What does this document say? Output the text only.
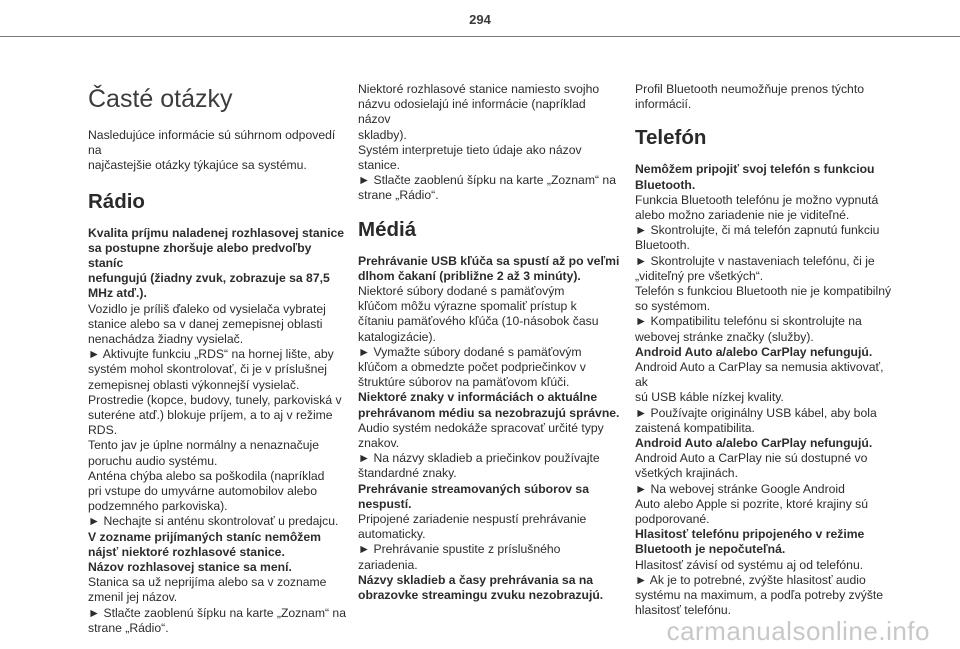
294
Časté otázky

Nasledujúce informácie sú súhrnom odpovedí na
najčastejšie otázky týkajúce sa systému.

Rádio

Kvalita príjmu naladenej rozhlasovej stanice
sa postupne zhoršuje alebo predvoľby staníc
nefungujú (žiadny zvuk, zobrazuje sa 87,5
MHz atď.).

Vozidlo je príliš ďaleko od vysielača vybratej
stanice alebo sa v danej zemepisnej oblasti
nenachádza žiadny vysielač.
► Aktivujte funkciu „RDS“ na hornej lište, aby
systém mohol skontrolovať, či je v príslušnej
zemepisnej oblasti výkonnejší vysielač.
Prostredie (kopce, budovy, tunely, parkoviská v
suteréne atď.) blokuje príjem, a to aj v režime
RDS.
Tento jav je úplne normálny a nenaznačuje
poruchu audio systému.
Anténa chýba alebo sa poškodila (napríklad
pri vstupe do umyvárne automobilov alebo
podzemného parkoviska).
► Nechajte si anténu skontrolovať u predajcu.

V zozname prijímaných staníc nemôžem
nájsť niektoré rozhlasové stanice.

Názov rozhlasovej stanice sa mení.

Stanica sa už neprijíma alebo sa v zozname
zmenil jej názov.
► Stlačte zaoblenú šípku na karte „Zoznam“ na
strane „Rádio“.

Niektoré rozhlasové stanice namiesto svojho
názvu odosielajú iné informácie (napríklad názov
skladby).
Systém interpretuje tieto údaje ako názov
stanice.
► Stlačte zaoblenú šípku na karte „Zoznam“ na
strane „Rádio“.

Médiá

Prehrávanie USB kľúča sa spustí až po veľmi
dlhom čakaní (približne 2 až 3 minúty).

Niektoré súbory dodané s pamäťovým
kľúčom môžu výrazne spomaliť prístup k
čítaniu pamäťového kľúča (10-násobok času
katalogizácie).
► Vymažte súbory dodané s pamäťovým
kľúčom a obmedzte počet podpriečinkov v
štruktúre súborov na pamäťovom kľúči.

Niektoré znaky v informáciách o aktuálne
prehrávanom médiu sa nezobrazujú správne.

Audio systém nedokáže spracovať určité typy
znakov.
► Na názvy skladieb a priečinkov používajte
štandardné znaky.

Prehrávanie streamovaných súborov sa
nespustí.

Pripojené zariadenie nespustí prehrávanie
automaticky.
► Prehrávanie spustite z príslušného
zariadenia.

Názvy skladieb a časy prehrávania sa na
obrazovke streamingu zvuku nezobrazujú.

Profil Bluetooth neumožňuje prenos týchto
informácií.

Telefón

Nemôžem pripojiť svoj telefón s funkciou
Bluetooth.

Funkcia Bluetooth telefónu je možno vypnutá
alebo možno zariadenie nie je viditeľné.
► Skontrolujte, či má telefón zapnutú funkciu
Bluetooth.
► Skontrolujte v nastaveniach telefónu, či je
„viditeľný pre všetkých“.
Telefón s funkciou Bluetooth nie je kompatibilný
so systémom.
► Kompatibilitu telefónu si skontrolujte na
webovej stránke značky (služby).

Android Auto a/alebo CarPlay nefungujú.

Android Auto a CarPlay sa nemusia aktivovať, ak
sú USB káble nízkej kvality.
► Používajte originálny USB kábel, aby bola
zaistená kompatibilita.

Android Auto a/alebo CarPlay nefungujú.

Android Auto a CarPlay nie sú dostupné vo
všetkých krajinách.
► Na webovej stránke Google Android
Auto alebo Apple si pozrite, ktoré krajiny sú
podporované.

Hlasitosť telefónu pripojeného v režime
Bluetooth je nepočuteľná.

Hlasitosť závisí od systému aj od telefónu.
► Ak je to potrebné, zvýšte hlasitosť audio
systému na maximum, a podľa potreby zvýšte
hlasitosť telefónu.

carmanualsonline.info
